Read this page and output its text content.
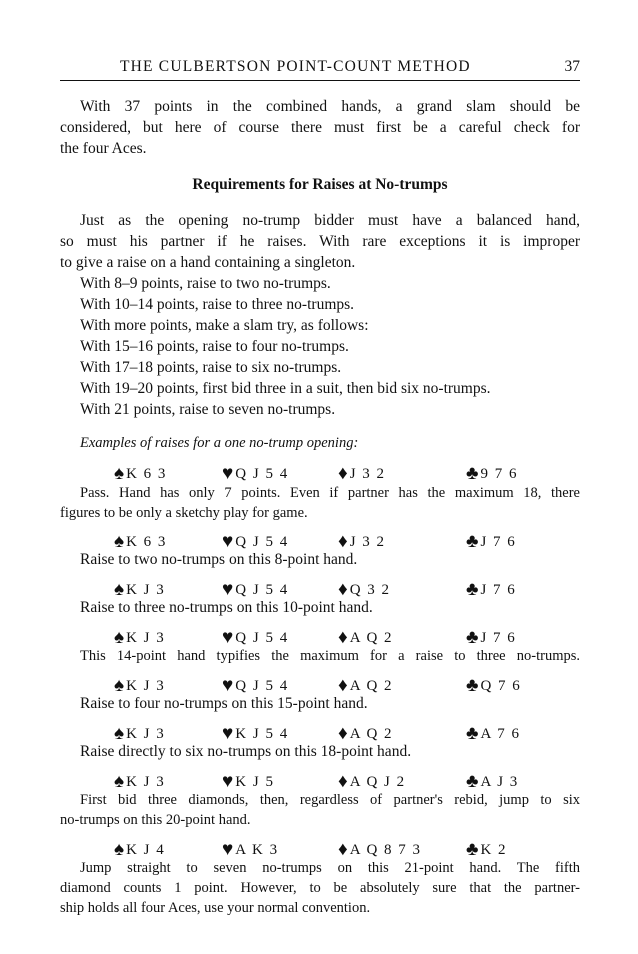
THE CULBERTSON POINT-COUNT METHOD	37
With 37 points in the combined hands, a grand slam should be
considered, but here of course there must first be a careful check for
the four Aces.
Requirements for Raises at No-trumps
Just as the opening no-trump bidder must have a balanced hand,
so must his partner if he raises. With rare exceptions it is improper
to give a raise on a hand containing a singleton.
With 8–9 points, raise to two no-trumps.
With 10–14 points, raise to three no-trumps.
With more points, make a slam try, as follows:
With 15–16 points, raise to four no-trumps.
With 17–18 points, raise to six no-trumps.
With 19–20 points, first bid three in a suit, then bid six no-trumps.
With 21 points, raise to seven no-trumps.
Examples of raises for a one no-trump opening:
♠ K 6 3	♥ Q J 5 4	♦ J 3 2	♣ 9 7 6
Pass. Hand has only 7 points. Even if partner has the maximum 18, there
figures to be only a sketchy play for game.
♠ K 6 3	♥ Q J 5 4	♦ J 3 2	♣ J 7 6
Raise to two no-trumps on this 8-point hand.
♠ K J 3	♥ Q J 5 4	♦ Q 3 2	♣ J 7 6
Raise to three no-trumps on this 10-point hand.
♠ K J 3	♥ Q J 5 4	♦ A Q 2	♣ J 7 6
This 14-point hand typifies the maximum for a raise to three no-trumps.
♠ K J 3	♥ Q J 5 4	♦ A Q 2	♣ Q 7 6
Raise to four no-trumps on this 15-point hand.
♠ K J 3	♥ K J 5 4	♦ A Q 2	♣ A 7 6
Raise directly to six no-trumps on this 18-point hand.
♠ K J 3	♥ K J 5	♦ A Q J 2	♣ A J 3
First bid three diamonds, then, regardless of partner's rebid, jump to six
no-trumps on this 20-point hand.
♠ K J 4	♥ A K 3	♦ A Q 8 7 3 ♣ K 2
Jump straight to seven no-trumps on this 21-point hand. The fifth
diamond counts 1 point. However, to be absolutely sure that the partner-
ship holds all four Aces, use your normal convention.
